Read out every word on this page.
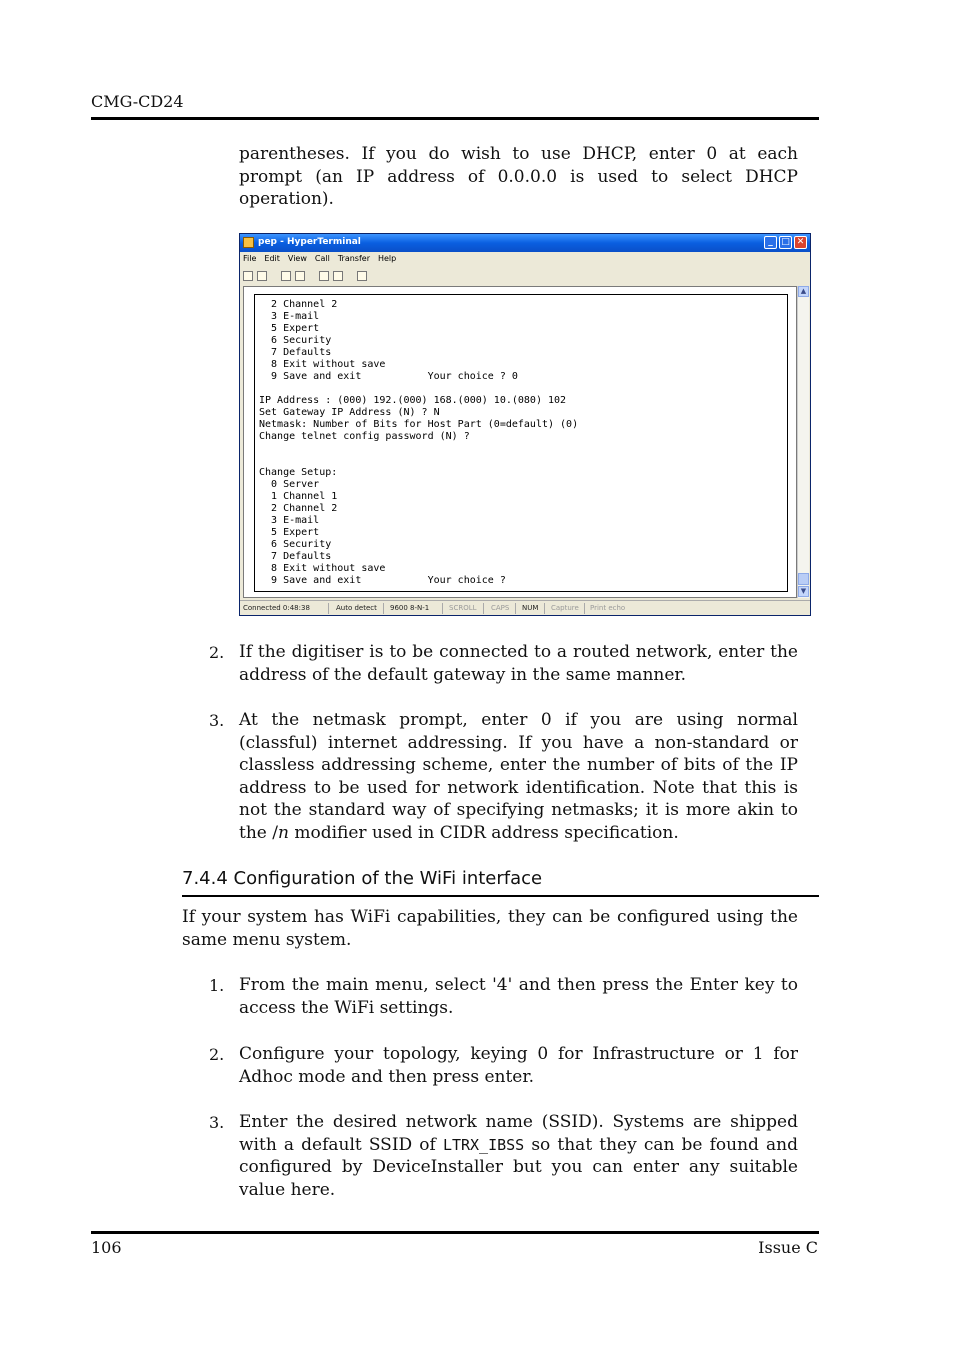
CMG-CD24
parentheses. If you do wish to use DHCP, enter 0 at each prompt (an IP address of 0.0.0.0 is used to select DHCP operation).
pep - HyperTerminal	_ □ ✕
File Edit View Call Transfer Help
2 Channel 2
3 E-mail
5 Expert
6 Security
7 Defaults
8 Exit without save
9 Save and exit           Your choice ? 0

IP Address : (000) 192.(000) 168.(000) 10.(080) 102
Set Gateway IP Address (N) ? N
Netmask: Number of Bits for Host Part (0=default) (0)
Change telnet config password (N) ?

Change Setup:
0 Server
1 Channel 1
2 Channel 2
3 E-mail
5 Expert
6 Security
7 Defaults
8 Exit without save
9 Save and exit           Your choice ?
▲
▼
Connected 0:48:38	Auto detect 9600 8-N-1	SCROLL CAPS NUM Capture Print echo
2. If the digitiser is to be connected to a routed network, enter the address of the default gateway in the same manner.
3. At the netmask prompt, enter 0 if you are using normal (classful) internet addressing. If you have a non-standard or classless addressing scheme, enter the number of bits of the IP address to be used for network identification. Note that this is not the standard way of specifying netmasks; it is more akin to the /n modifier used in CIDR address specification.
7.4.4 Configuration of the WiFi interface
If your system has WiFi capabilities, they can be configured using the same menu system.
1. From the main menu, select '4' and then press the Enter key to access the WiFi settings.
2. Configure your topology, keying 0 for Infrastructure or 1 for Adhoc mode and then press enter.
3. Enter the desired network name (SSID). Systems are shipped with a default SSID of LTRX_IBSS so that they can be found and configured by DeviceInstaller but you can enter any suitable value here.
106	Issue C
